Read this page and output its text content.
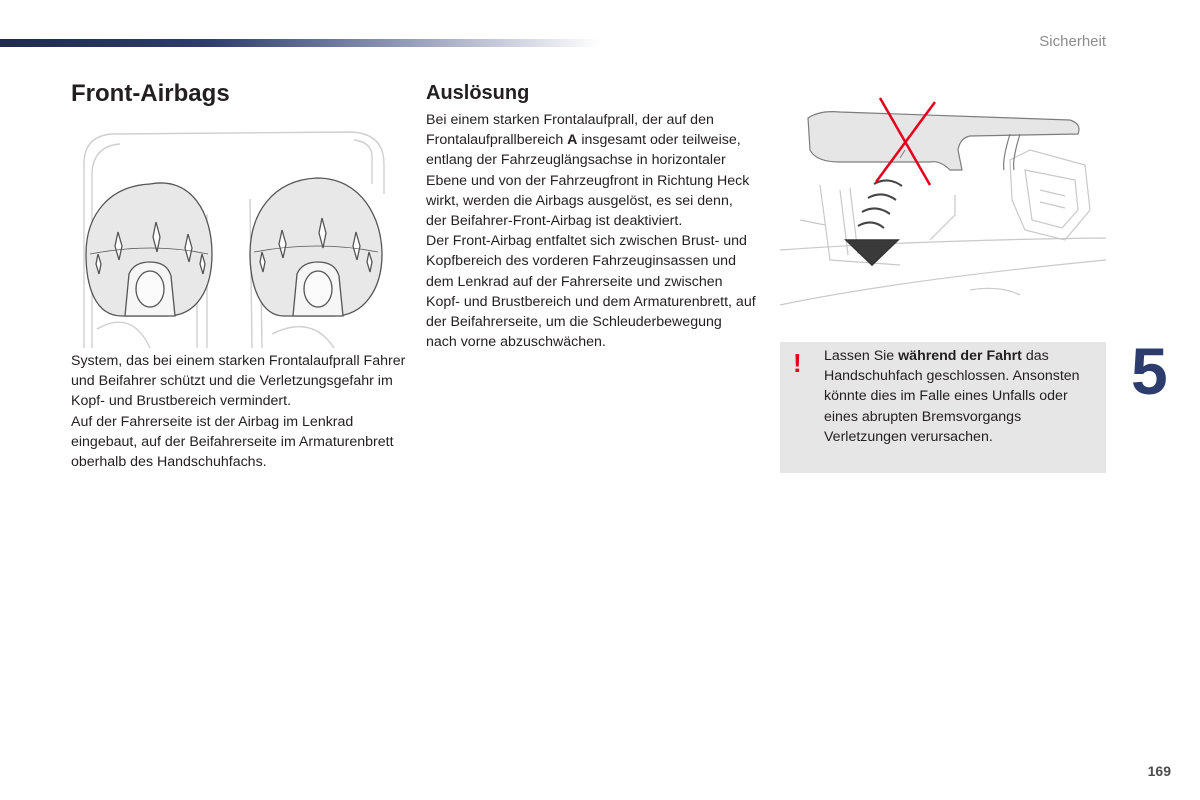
Sicherheit
Front-Airbags
System, das bei einem starken Frontalaufprall Fahrer und Beifahrer schützt und die Verletzungsgefahr im Kopf- und Brustbereich vermindert.
Auf der Fahrerseite ist der Airbag im Lenkrad eingebaut, auf der Beifahrerseite im Armaturenbrett oberhalb des Handschuhfachs.
Auslösung
Bei einem starken Frontalaufprall, der auf den Frontalaufprallbereich A insgesamt oder teilweise, entlang der Fahrzeuglängsachse in horizontaler Ebene und von der Fahrzeugfront in Richtung Heck wirkt, werden die Airbags ausgelöst, es sei denn, der Beifahrer-Front-Airbag ist deaktiviert.
Der Front-Airbag entfaltet sich zwischen Brust- und Kopfbereich des vorderen Fahrzeuginsassen und dem Lenkrad auf der Fahrerseite und zwischen Kopf- und Brustbereich und dem Armaturenbrett, auf der Beifahrerseite, um die Schleuderbewegung nach vorne abzuschwächen.
! Lassen Sie während der Fahrt das Handschuhfach geschlossen. Ansonsten könnte dies im Falle eines Unfalls oder eines abrupten Bremsvorgangs Verletzungen verursachen.
5
169
